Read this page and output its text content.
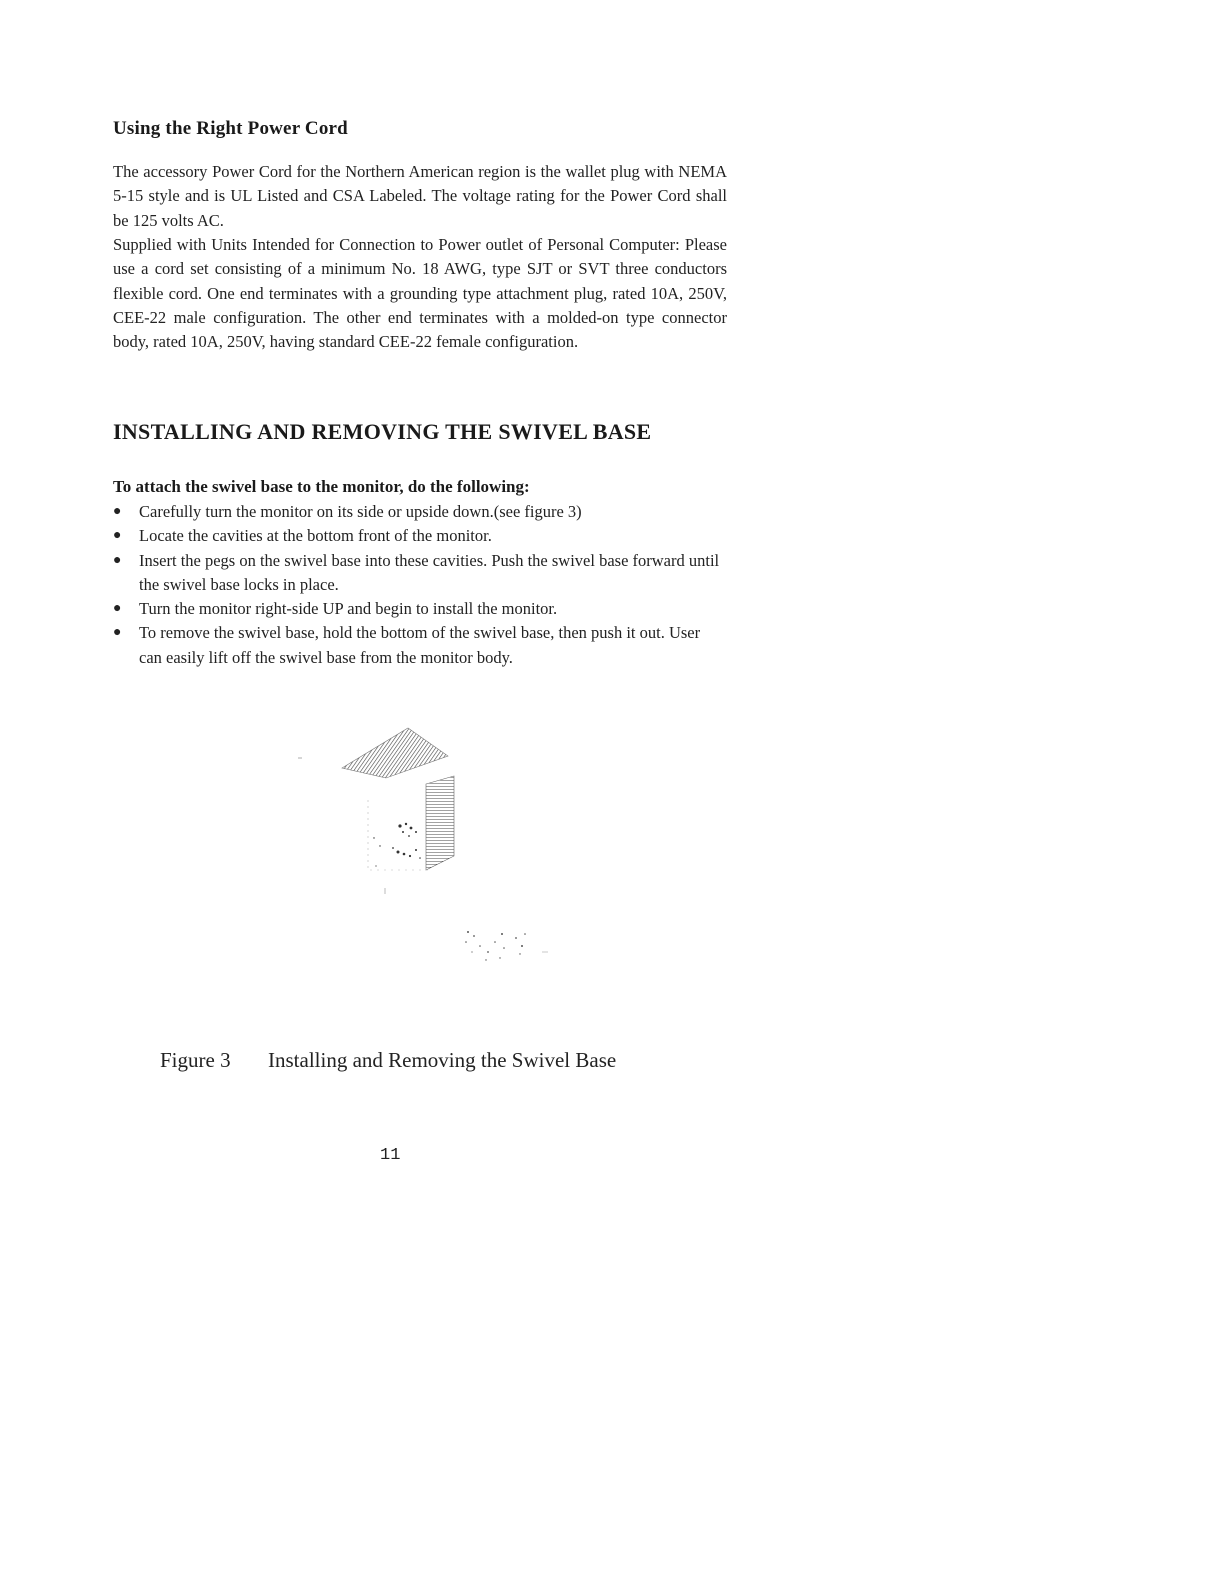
Using the Right Power Cord

The accessory Power Cord for the Northern American region is the wallet plug with NEMA 5-15 style and is UL Listed and CSA Labeled. The voltage rating for the Power Cord shall be 125 volts AC.

Supplied with Units Intended for Connection to Power outlet of Personal Computer: Please use a cord set consisting of a minimum No. 18 AWG, type SJT or SVT three conductors flexible cord. One end terminates with a grounding type attachment plug, rated 10A, 250V, CEE-22 male configuration. The other end terminates with a molded-on type connector body, rated 10A, 250V, having standard CEE-22 female configuration.

INSTALLING AND REMOVING THE SWIVEL BASE

To attach the swivel base to the monitor, do the following:

● Carefully turn the monitor on its side or upside down.(see figure 3)
● Locate the cavities at the bottom front of the monitor.
● Insert the pegs on the swivel base into these cavities. Push the swivel base forward until the swivel base locks in place.
● Turn the monitor right-side UP and begin to install the monitor.
● To remove the swivel base, hold the bottom of the swivel base, then push it out. User can easily lift off the swivel base from the monitor body.

Figure 3 Installing and Removing the Swivel Base

11
